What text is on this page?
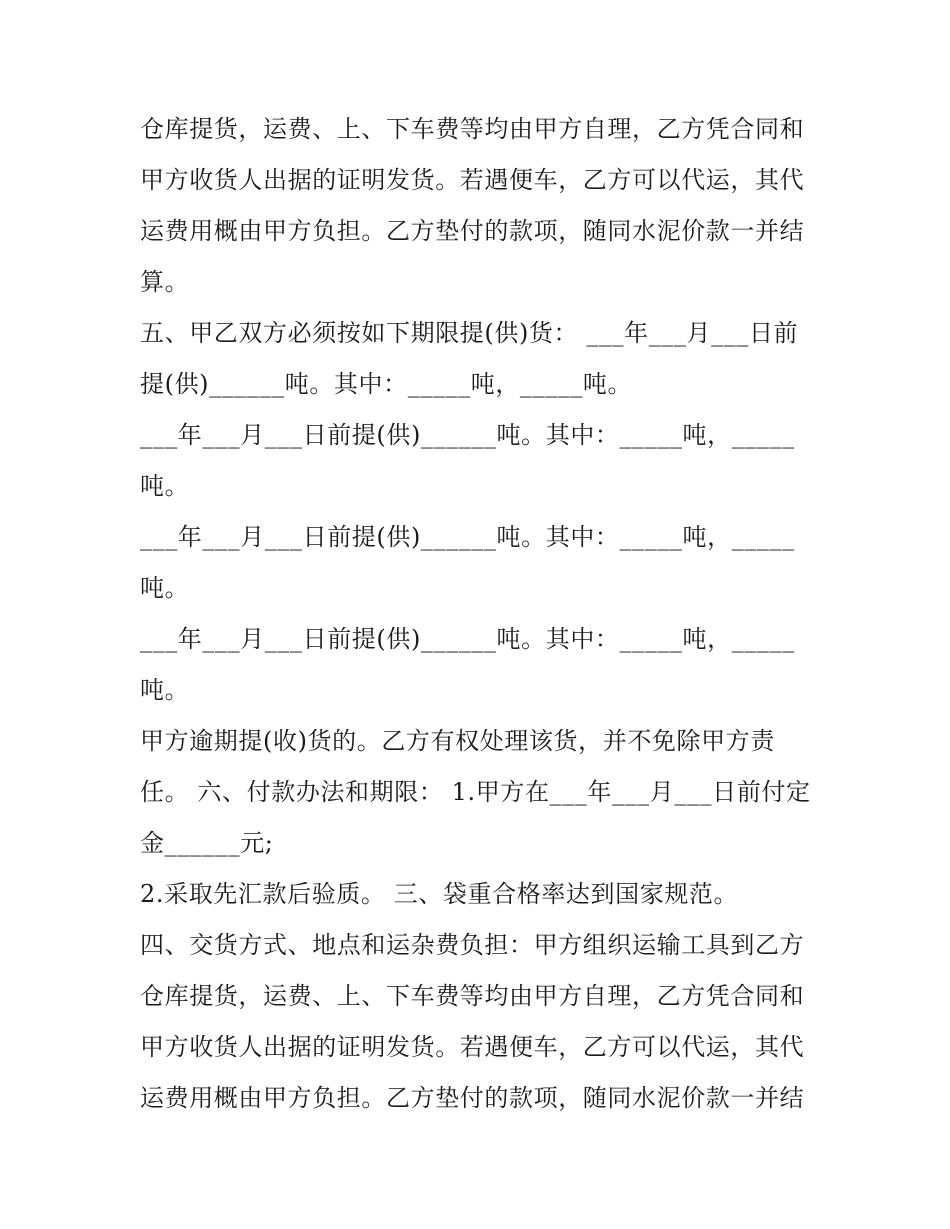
仓库提货，运费、上、下车费等均由甲方自理，乙方凭合同和
甲方收货人出据的证明发货。若遇便车，乙方可以代运，其代
运费用概由甲方负担。乙方垫付的款项，随同水泥价款一并结
算。
五、甲乙双方必须按如下期限提(供)货： ___年___月___日前
提(供)______吨。其中：_____吨，_____吨。
___年___月___日前提(供)______吨。其中：_____吨，_____
吨。
___年___月___日前提(供)______吨。其中：_____吨，_____
吨。
___年___月___日前提(供)______吨。其中：_____吨，_____
吨。
甲方逾期提(收)货的。乙方有权处理该货，并不免除甲方责
任。 六、付款办法和期限： 1.甲方在___年___月___日前付定
金______元;
2.采取先汇款后验质。 三、袋重合格率达到国家规范。
四、交货方式、地点和运杂费负担：甲方组织运输工具到乙方
仓库提货，运费、上、下车费等均由甲方自理，乙方凭合同和
甲方收货人出据的证明发货。若遇便车，乙方可以代运，其代
运费用概由甲方负担。乙方垫付的款项，随同水泥价款一并结
